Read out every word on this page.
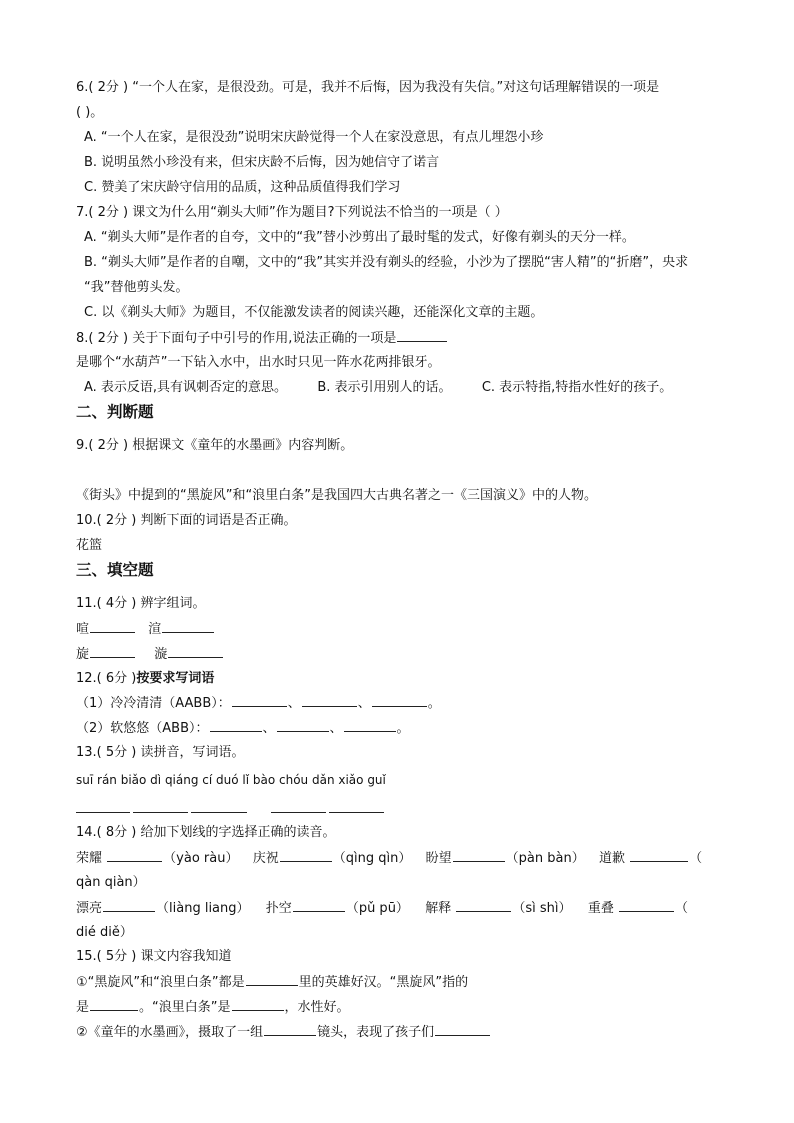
6.( 2分 ) “一个人在家，是很没劲。可是，我并不后悔，因为我没有失信。”对这句话理解错误的一项是
( )。
A. “一个人在家，是很没劲”说明宋庆龄觉得一个人在家没意思，有点儿埋怨小珍
B. 说明虽然小珍没有来，但宋庆龄不后悔，因为她信守了诺言
C. 赞美了宋庆龄守信用的品质，这种品质值得我们学习
7.( 2分 ) 课文为什么用“剃头大师”作为题目?下列说法不恰当的一项是（ ）
A. “剃头大师”是作者的自夸，文中的“我”替小沙剪出了最时髦的发式，好像有剃头的天分一样。
B. “剃头大师”是作者的自嘲，文中的“我”其实并没有剃头的经验，小沙为了摆脱“害人精”的“折磨”，央求
“我”替他剪头发。
C. 以《剃头大师》为题目，不仅能激发读者的阅读兴趣，还能深化文章的主题。
8.( 2分 ) 关于下面句子中引号的作用,说法正确的一项是
是哪个“水葫芦”一下钻入水中，出水时只见一阵水花两排银牙。
A. 表示反语,具有讽刺否定的意思。 B. 表示引用别人的话。 C. 表示特指,特指水性好的孩子。
二、判断题
9.( 2分 ) 根据课文《童年的水墨画》内容判断。
《街头》中提到的“黑旋风”和“浪里白条”是我国四大古典名著之一《三国演义》中的人物。
10.( 2分 ) 判断下面的词语是否正确。
花篮
三、填空题
11.( 4分 ) 辨字组词。
喧	渲
旋	漩
12.( 6分 )按要求写词语
（1）冷冷清清（AABB）：	、	、	。
（2）软悠悠（ABB）：	、	、	。
13.( 5分 ) 读拼音，写词语。
suī rán biǎo dì qiáng cí duó lǐ bào chóu dǎn xiǎo guǐ
14.( 8分 ) 给加下划线的字选择正确的读音。
荣耀	（yào ràu） 庆祝	（qìng qìn） 盼望	（pàn bàn） 道歉	（
qàn qiàn）
漂亮	（liàng liang） 扑空	（pǔ pū） 解释	（sì shì） 重叠	（
dié diě）
15.( 5分 ) 课文内容我知道
①“黑旋风”和“浪里白条”都是	里的英雄好汉。“黑旋风”指的
是	。“浪里白条”是	，水性好。
②《童年的水墨画》，摄取了一组	镜头，表现了孩子们
